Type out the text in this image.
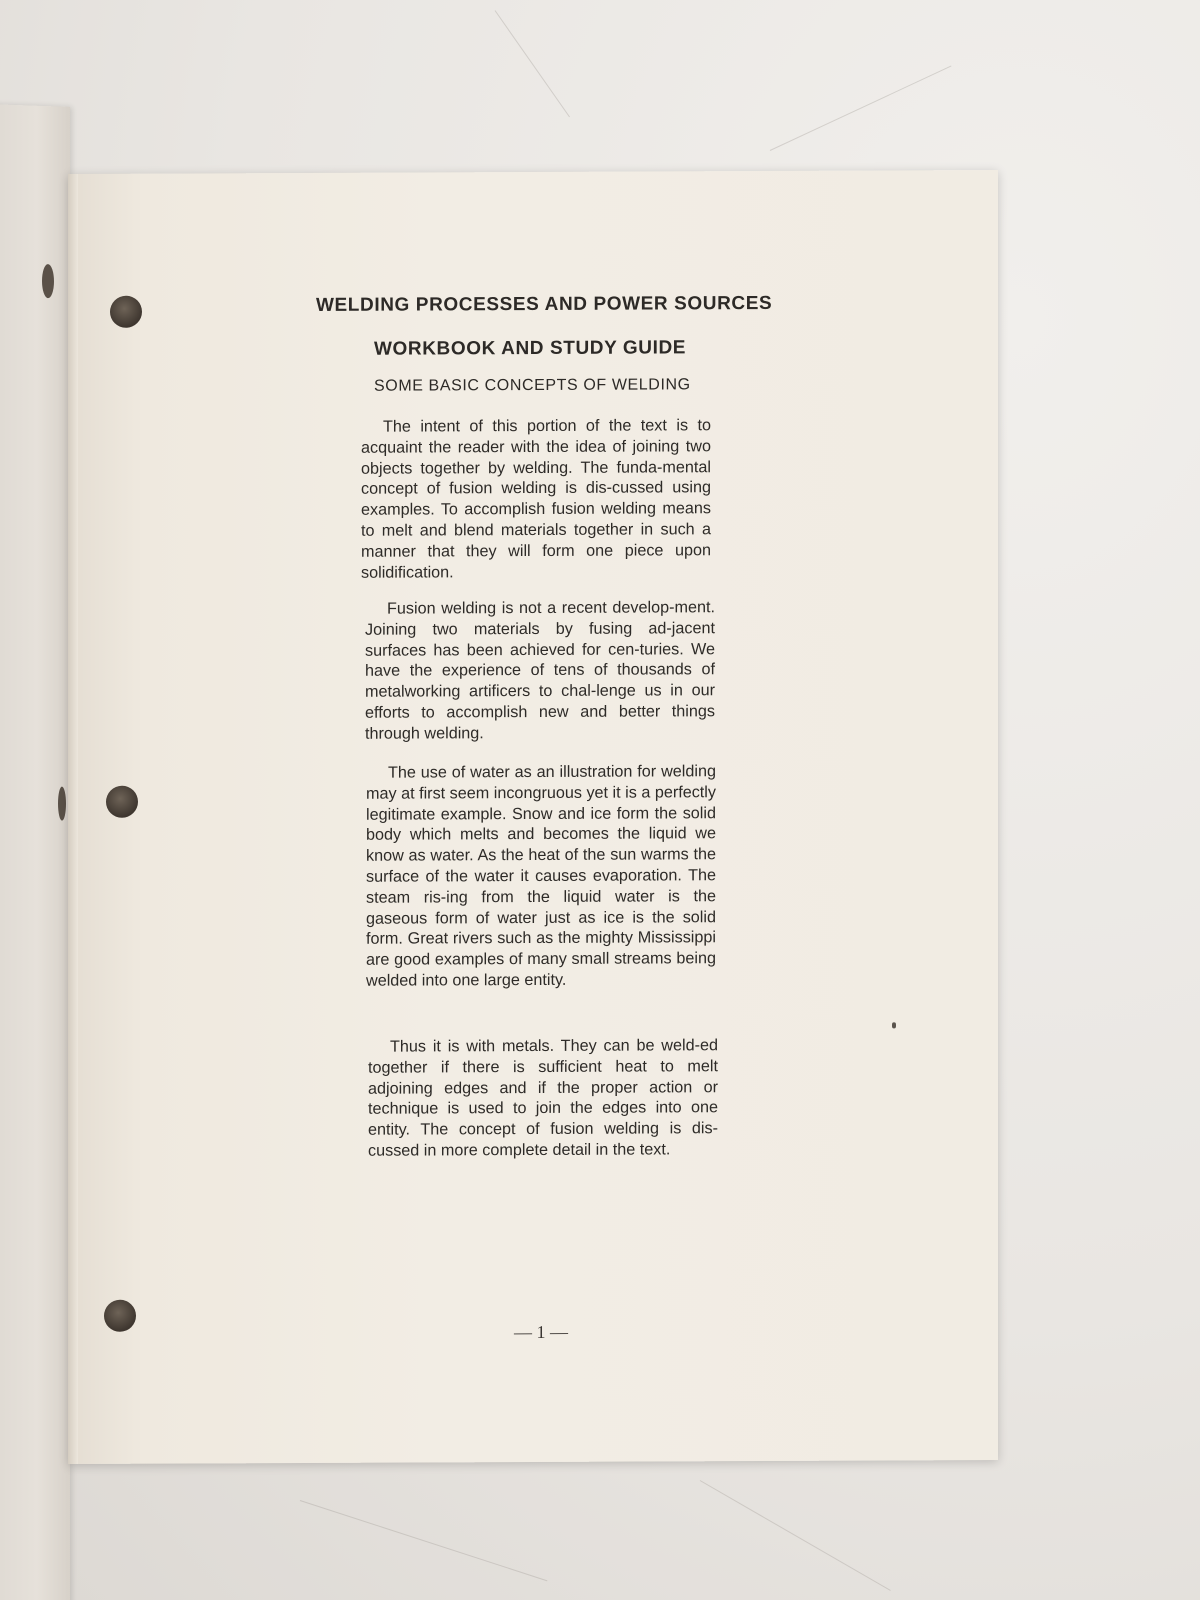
WELDING PROCESSES AND POWER SOURCES
WORKBOOK AND STUDY GUIDE
SOME BASIC CONCEPTS OF WELDING

The intent of this portion of the text is to acquaint the reader with the idea of joining two objects together by welding. The funda-mental concept of fusion welding is dis-cussed using examples. To accomplish fusion welding means to melt and blend materials together in such a manner that they will form one piece upon solidification.

Fusion welding is not a recent develop-ment. Joining two materials by fusing ad-jacent surfaces has been achieved for cen-turies. We have the experience of tens of thousands of metalworking artificers to chal-lenge us in our efforts to accomplish new and better things through welding.

The use of water as an illustration for welding may at first seem incongruous yet it is a perfectly legitimate example. Snow and ice form the solid body which melts and becomes the liquid we know as water. As the heat of the sun warms the surface of the water it causes evaporation. The steam ris-ing from the liquid water is the gaseous form of water just as ice is the solid form. Great rivers such as the mighty Mississippi are good examples of many small streams being welded into one large entity.

Thus it is with metals. They can be weld-ed together if there is sufficient heat to melt adjoining edges and if the proper action or technique is used to join the edges into one entity. The concept of fusion welding is dis-cussed in more complete detail in the text.

— 1 —
